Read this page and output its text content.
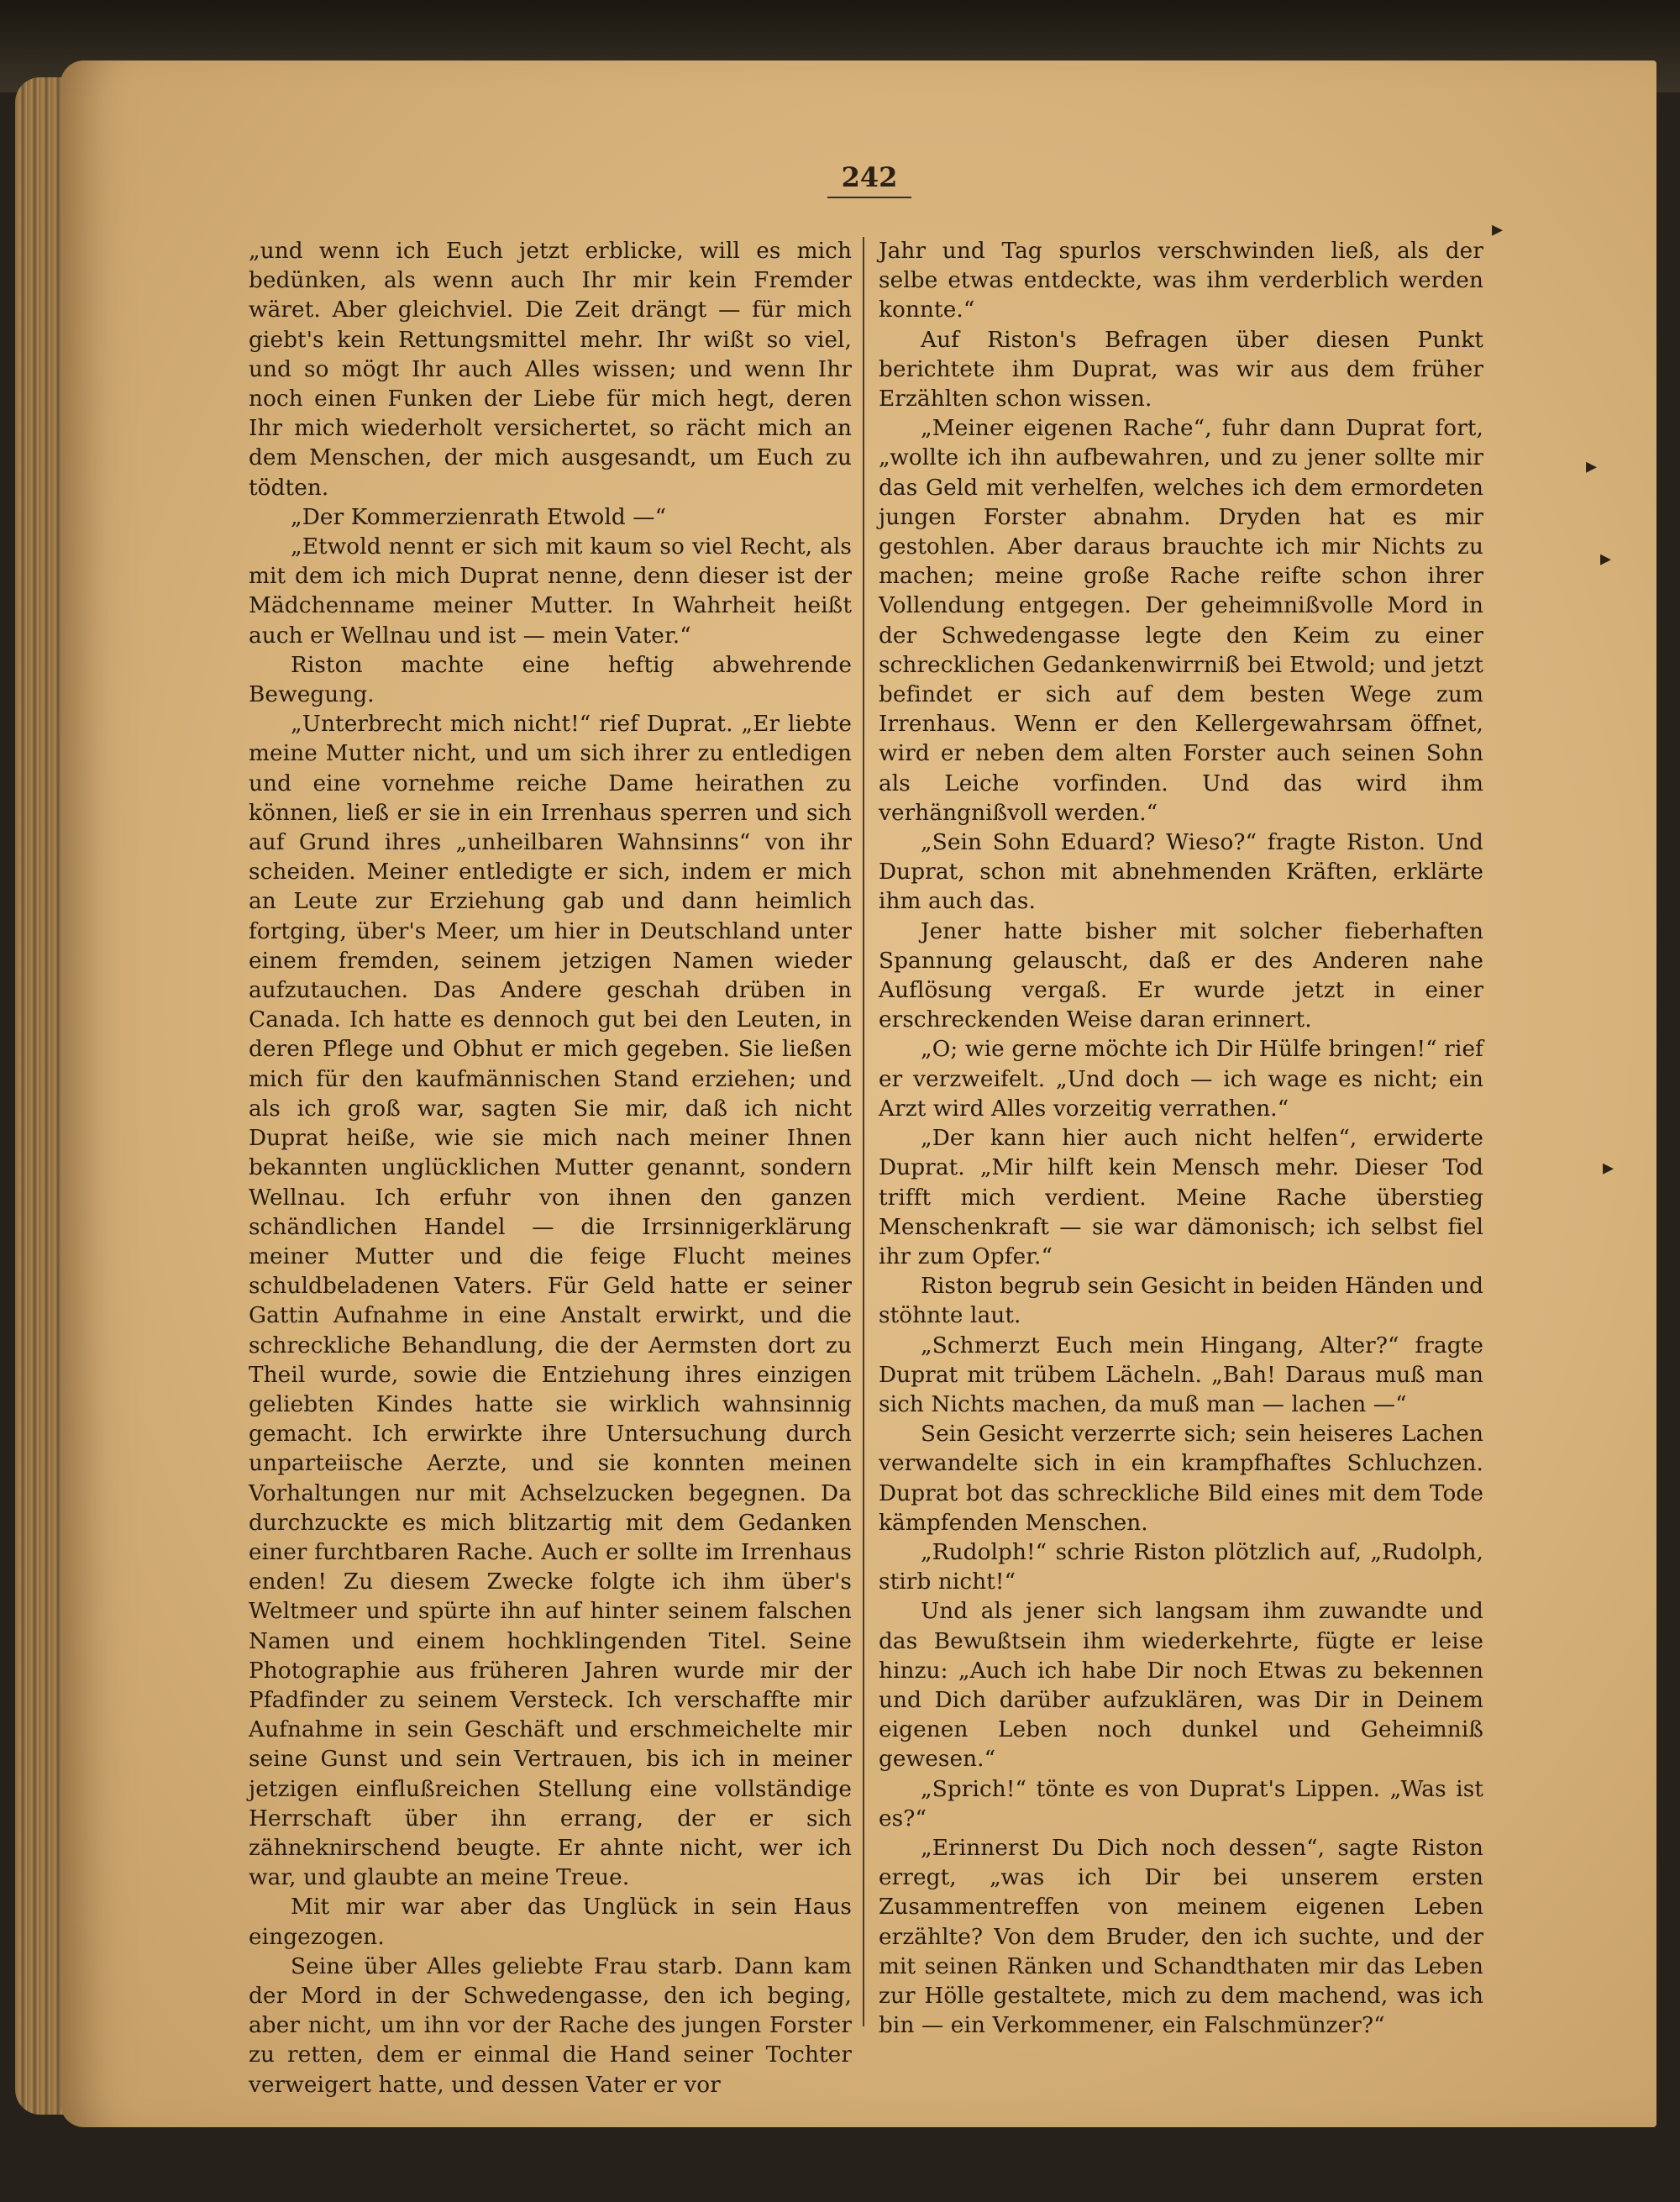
242

„und wenn ich Euch jetzt erblicke, will es mich bedünken, als wenn auch Ihr mir kein Fremder wäret. Aber gleichviel. Die Zeit drängt — für mich giebt's kein Rettungsmittel mehr. Ihr wißt so viel, und so mögt Ihr auch Alles wissen; und wenn Ihr noch einen Funken der Liebe für mich hegt, deren Ihr mich wiederholt versichertet, so rächt mich an dem Menschen, der mich ausgesandt, um Euch zu tödten.

„Der Kommerzienrath Etwold —“

„Etwold nennt er sich mit kaum so viel Recht, als mit dem ich mich Duprat nenne, denn dieser ist der Mädchenname meiner Mutter. In Wahrheit heißt auch er Wellnau und ist — mein Vater.“

Riston machte eine heftig abwehrende Bewegung.

„Unterbrecht mich nicht!“ rief Duprat. „Er liebte meine Mutter nicht, und um sich ihrer zu entledigen und eine vornehme reiche Dame heirathen zu können, ließ er sie in ein Irrenhaus sperren und sich auf Grund ihres „unheilbaren Wahnsinns“ von ihr scheiden. Meiner entledigte er sich, indem er mich an Leute zur Erziehung gab und dann heimlich fortging, über's Meer, um hier in Deutschland unter einem fremden, seinem jetzigen Namen wieder aufzutauchen. Das Andere geschah drüben in Canada. Ich hatte es dennoch gut bei den Leuten, in deren Pflege und Obhut er mich gegeben. Sie ließen mich für den kaufmännischen Stand erziehen; und als ich groß war, sagten Sie mir, daß ich nicht Duprat heiße, wie sie mich nach meiner Ihnen bekannten unglücklichen Mutter genannt, sondern Wellnau. Ich erfuhr von ihnen den ganzen schändlichen Handel — die Irrsinnigerklärung meiner Mutter und die feige Flucht meines schuldbeladenen Vaters. Für Geld hatte er seiner Gattin Aufnahme in eine Anstalt erwirkt, und die schreckliche Behandlung, die der Aermsten dort zu Theil wurde, sowie die Entziehung ihres einzigen geliebten Kindes hatte sie wirklich wahnsinnig gemacht. Ich erwirkte ihre Untersuchung durch unparteiische Aerzte, und sie konnten meinen Vorhaltungen nur mit Achselzucken begegnen. Da durchzuckte es mich blitzartig mit dem Gedanken einer furchtbaren Rache. Auch er sollte im Irrenhaus enden! Zu diesem Zwecke folgte ich ihm über's Weltmeer und spürte ihn auf hinter seinem falschen Namen und einem hochklingenden Titel. Seine Photographie aus früheren Jahren wurde mir der Pfadfinder zu seinem Versteck. Ich verschaffte mir Aufnahme in sein Geschäft und erschmeichelte mir seine Gunst und sein Vertrauen, bis ich in meiner jetzigen einflußreichen Stellung eine vollständige Herrschaft über ihn errang, der er sich zähneknirschend beugte. Er ahnte nicht, wer ich war, und glaubte an meine Treue.

Mit mir war aber das Unglück in sein Haus eingezogen.

Seine über Alles geliebte Frau starb. Dann kam der Mord in der Schwedengasse, den ich beging, aber nicht, um ihn vor der Rache des jungen Forster zu retten, dem er einmal die Hand seiner Tochter verweigert hatte, und dessen Vater er vor

Jahr und Tag spurlos verschwinden ließ, als der selbe etwas entdeckte, was ihm verderblich werden konnte.“

Auf Riston's Befragen über diesen Punkt berichtete ihm Duprat, was wir aus dem früher Erzählten schon wissen.

„Meiner eigenen Rache“, fuhr dann Duprat fort, „wollte ich ihn aufbewahren, und zu jener sollte mir das Geld mit verhelfen, welches ich dem ermordeten jungen Forster abnahm. Dryden hat es mir gestohlen. Aber daraus brauchte ich mir Nichts zu machen; meine große Rache reifte schon ihrer Vollendung entgegen. Der geheimnißvolle Mord in der Schwedengasse legte den Keim zu einer schrecklichen Gedankenwirrniß bei Etwold; und jetzt befindet er sich auf dem besten Wege zum Irrenhaus. Wenn er den Kellergewahrsam öffnet, wird er neben dem alten Forster auch seinen Sohn als Leiche vorfinden. Und das wird ihm verhängnißvoll werden.“

„Sein Sohn Eduard? Wieso?“ fragte Riston. Und Duprat, schon mit abnehmenden Kräften, erklärte ihm auch das.

Jener hatte bisher mit solcher fieberhaften Spannung gelauscht, daß er des Anderen nahe Auflösung vergaß. Er wurde jetzt in einer erschreckenden Weise daran erinnert.

„O; wie gerne möchte ich Dir Hülfe bringen!“ rief er verzweifelt. „Und doch — ich wage es nicht; ein Arzt wird Alles vorzeitig verrathen.“

„Der kann hier auch nicht helfen“, erwiderte Duprat. „Mir hilft kein Mensch mehr. Dieser Tod trifft mich verdient. Meine Rache überstieg Menschenkraft — sie war dämonisch; ich selbst fiel ihr zum Opfer.“

Riston begrub sein Gesicht in beiden Händen und stöhnte laut.

„Schmerzt Euch mein Hingang, Alter?“ fragte Duprat mit trübem Lächeln. „Bah! Daraus muß man sich Nichts machen, da muß man — lachen —“

Sein Gesicht verzerrte sich; sein heiseres Lachen verwandelte sich in ein krampfhaftes Schluchzen. Duprat bot das schreckliche Bild eines mit dem Tode kämpfenden Menschen.

„Rudolph!“ schrie Riston plötzlich auf, „Rudolph, stirb nicht!“

Und als jener sich langsam ihm zuwandte und das Bewußtsein ihm wiederkehrte, fügte er leise hinzu: „Auch ich habe Dir noch Etwas zu bekennen und Dich darüber aufzuklären, was Dir in Deinem eigenen Leben noch dunkel und Geheimniß gewesen.“

„Sprich!“ tönte es von Duprat's Lippen. „Was ist es?“

„Erinnerst Du Dich noch dessen“, sagte Riston erregt, „was ich Dir bei unserem ersten Zusammentreffen von meinem eigenen Leben erzählte? Von dem Bruder, den ich suchte, und der mit seinen Ränken und Schandthaten mir das Leben zur Hölle gestaltete, mich zu dem machend, was ich bin — ein Verkommener, ein Falschmünzer?“

▸
▸
▸
▸
